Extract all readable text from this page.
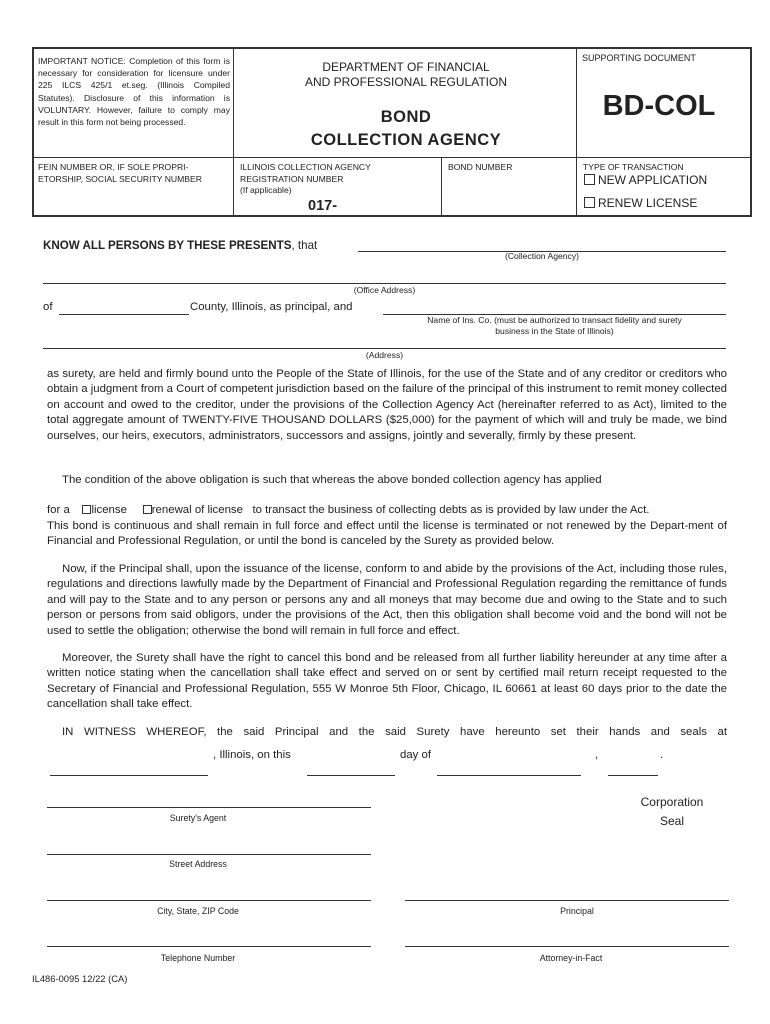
IMPORTANT NOTICE: Completion of this form is necessary for consideration for licensure under 225 ILCS 425/1 et.seg. (Illinois Compiled Statutes). Disclosure of this information is VOLUNTARY. However, failure to comply may result in this form not being processed.
DEPARTMENT OF FINANCIAL
AND PROFESSIONAL REGULATION
BOND
COLLECTION AGENCY
SUPPORTING DOCUMENT
BD-COL
FEIN NUMBER OR, IF SOLE PROPRI- ETORSHIP, SOCIAL SECURITY NUMBER
ILLINOIS COLLECTION AGENCY
REGISTRATION NUMBER
(If applicable)
017-
BOND NUMBER	TYPE OF TRANSACTION
NEW APPLICATION
RENEW LICENSE
KNOW ALL PERSONS BY THESE PRESENTS, that
(Collection Agency)
(Office Address)
of	County, Illinois, as principal, and
Name of Ins. Co. (must be authorized to transact fidelity and surety
business in the State of Illinois)
(Address)
as surety, are held and firmly bound unto the People of the State of Illinois, for the use of the State and of any creditor or creditors who obtain a judgment from a Court of competent jurisdiction based on the failure of the principal of this instrument to remit money collected on account and owed to the creditor, under the provisions of the Collection Agency Act (hereinafter referred to as Act), limited to the total aggregate amount of TWENTY-FIVE THOUSAND DOLLARS ($25,000) for the payment of which will and truly be made, we bind ourselves, our heirs, executors, administrators, successors and assigns, jointly and severally, firmly by these present.
The condition of the above obligation is such that whereas the above bonded collection agency has applied
for a license renewal of license to transact the business of collecting debts as is provided by law under the Act.
This bond is continuous and shall remain in full force and effect until the license is terminated or not renewed by the Depart-ment of Financial and Professional Regulation, or until the bond is canceled by the Surety as provided below.
Now, if the Principal shall, upon the issuance of the license, conform to and abide by the provisions of the Act, including those rules, regulations and directions lawfully made by the Department of Financial and Professional Regulation regarding the remittance of funds and will pay to the State and to any person or persons any and all moneys that may become due and owing to the State and to such person or persons from said obligors, under the provisions of the Act, then this obligation shall become void and the bond will not be used to settle the obligation; otherwise the bond will remain in full force and effect.
Moreover, the Surety shall have the right to cancel this bond and be released from all further liability hereunder at any time after a written notice stating when the cancellation shall take effect and served on or sent by certified mail return receipt requested to the Secretary of Financial and Professional Regulation, 555 W Monroe 5th Floor, Chicago, IL 60661 at least 60 days prior to the date the cancellation shall take effect.
IN WITNESS WHEREOF, the said Principal and the said Surety have hereunto set their hands and seals at
, Illinois, on this	day of	,	.
Surety's Agent
Street Address
City, State, ZIP Code
Telephone Number
Corporation
Seal
Principal
Attorney-in-Fact
IL486-0095 12/22 (CA)
